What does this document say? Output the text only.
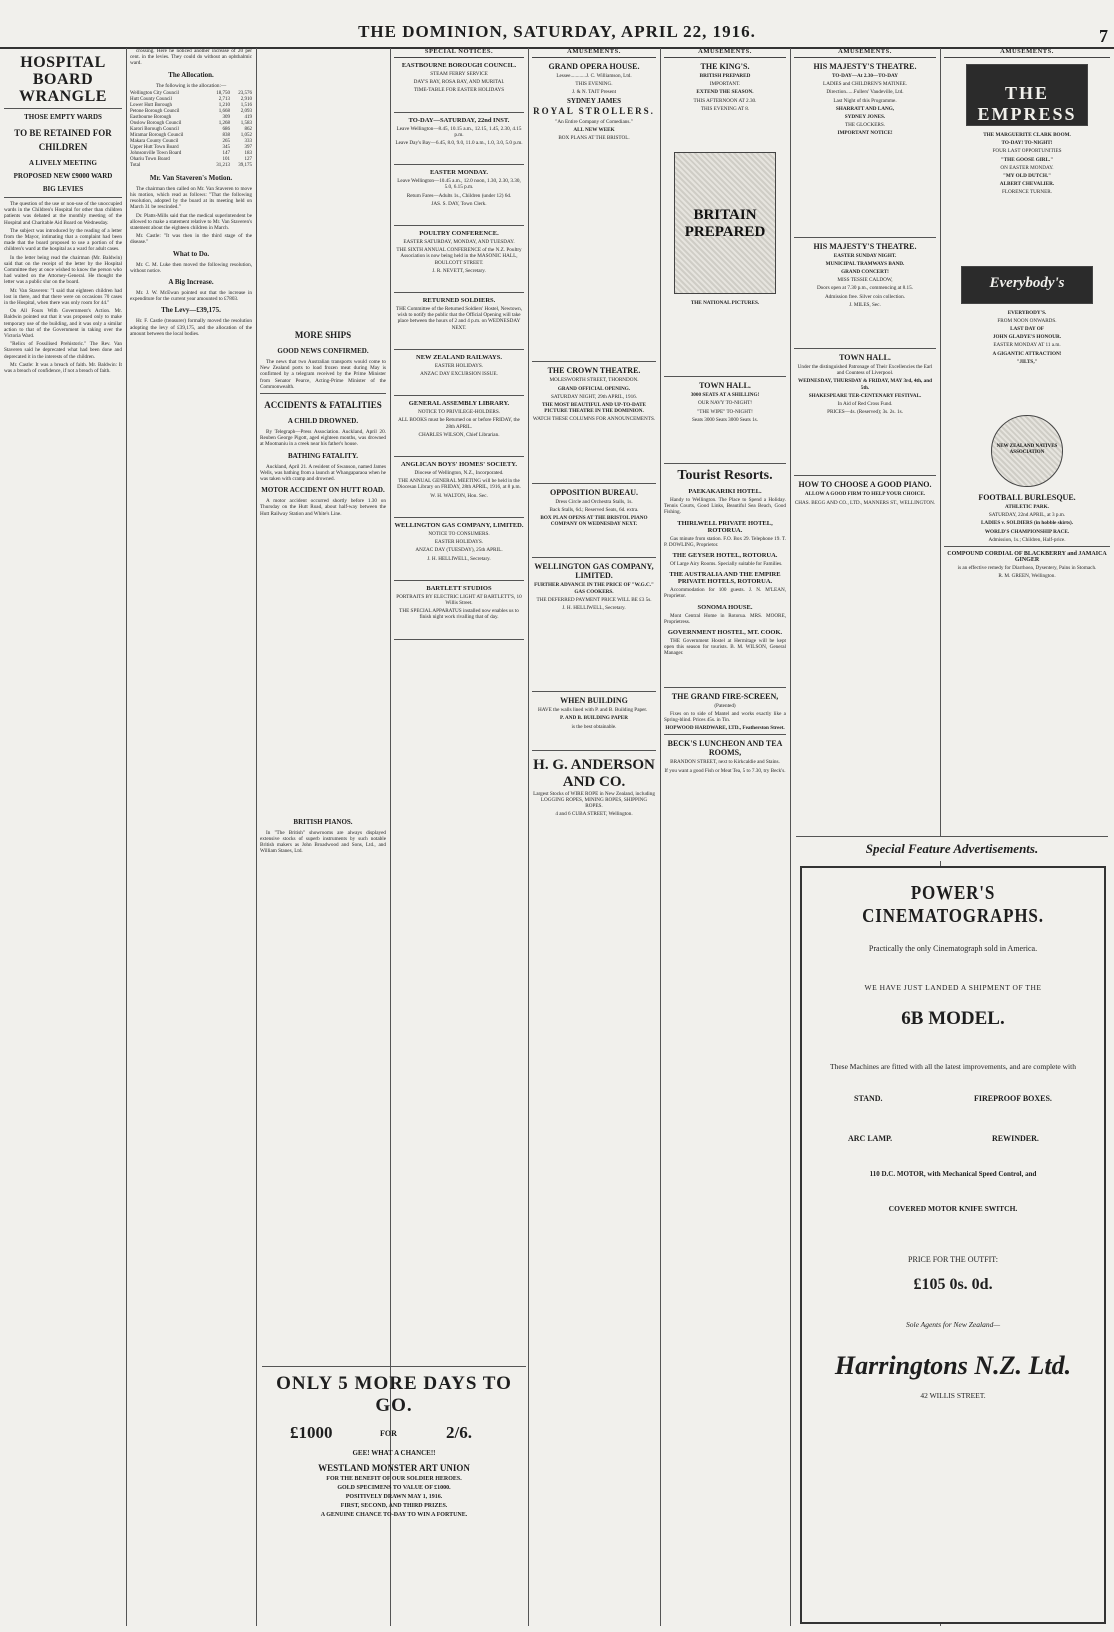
THE DOMINION, SATURDAY, APRIL 22, 1916.	7
HOSPITAL BOARD WRANGLE
THOSE EMPTY WARDS
TO BE RETAINED FOR CHILDREN
A LIVELY MEETING
PROPOSED NEW £9000 WARD
BIG LEVIES

The question of the use or non-use of the unoccupied wards in the Children's Hospital for other than children patients was debated at the monthly meeting of the Hospital and Charitable Aid Board on Wednesday.

The subject was introduced by the reading of a letter from the Mayor, intimating that a complaint had been made that the board proposed to use a portion of the children's ward at the hospital as a ward for adult cases.

In the letter being read the chairman (Mr. Baldwin) said that on the receipt of the letter by the Hospital Committee they at once wished to know the person who had waited on the Attorney-General. He thought the letter was a public slur on the board.

Mr. Van Staveren: "I said that eighteen children had lost in there, and that there were on occasions 70 cases in the Hospital, when there was only room for 44."

On All Fours With Government's Action. Mr. Baldwin pointed out that it was proposed only to make temporary use of the building, and it was only a similar action to that of the Government in taking over the Victoria Ward.

"Relics of Fossilised Prehistoric." The Rev. Van Staveren said he deprecated what had been done and deprecated it in the interests of the children.

Mr. Castle: It was a breach of faith. Mr. Baldwin: It was a breach of confidence, if not a breach of faith.

crossing. Here he noticed another increase of 20 per cent. in the levies. They could do without an ophthalmic ward.

The Allocation.

The following is the allocation:—

Wellington City Council	18,750	23,576
Hutt County Council	2,713	2,910
Lower Hutt Borough	1,210	1,516
Petone Borough Council	1,668	2,093
Eastbourne Borough	309	419
Onslow Borough Council	1,268	1,583
Karori Borough Council	686	862
Miramar Borough Council	838	1,052
Makara County Council	265	333
Upper Hutt Town Board	345	397
Johnsonville Town Board	147	183
Ohariu Town Board	101	127
Total	31,213	39,175
Mr. Van Staveren's Motion.

The chairman then called on Mr. Van Staveren to move his motion, which read as follows: "That the following resolution, adopted by the board at its meeting held on March 31 be rescinded."

Dr. Platts-Mills said that the medical superintendent be allowed to make a statement relative to Mr. Van Staveren's statement about the eighteen children in March.

Mr. Castle: "It was then in the third stage of the disease."

What to Do.

Mr. C. M. Luke then moved the following resolution, without notice.

A Big Increase.

Mr. J. W. McEwan pointed out that the increase in expenditure for the current year amounted to £7803.

The Levy—£39,175.

Hr. F. Castle (treasurer) formally moved the resolution adopting the levy of £39,175, and the allocation of the amount between the local bodies.	MORE SHIPS
GOOD NEWS CONFIRMED.

The news that two Australian transports would come to New Zealand ports to load frozen meat during May is confirmed by a telegram received by the Prime Minister from Senator Pearce, Acting-Prime Minister of the Commonwealth.

ACCIDENTS & FATALITIES
A CHILD DROWNED.

By Telegraph—Press Association. Auckland, April 20. Reuben George Pigott, aged eighteen months, was drowned at Mootnaniu in a creek near his father's house.

BATHING FATALITY.

Auckland, April 21. A resident of Swanson, named James Wells, was bathing from a launch at Whangaparaoa when he was taken with cramp and drowned.

MOTOR ACCIDENT ON HUTT ROAD.

A motor accident occurred shortly before 1.30 on Thursday on the Hutt Road, about half-way between the Hutt Railway Station and White's Line.

BRITISH PIANOS.

In "The British" showrooms are always displayed extensive stocks of superb instruments by such notable British makers as John Broadwood and Sons, Ltd., and William Stanes, Ltd.

SPECIAL NOTICES.
EASTBOURNE BOROUGH COUNCIL.

STEAM FERRY SERVICE

DAY'S BAY, ROSA BAY, AND MURITAI.

TIME-TABLE FOR EASTER HOLIDAYS

TO-DAY—SATURDAY, 22nd INST.

Leave Wellington—8.45, 10.15 a.m., 12.15, 1.45, 2.30, 4.15 p.m.

Leave Day's Bay—6.45, 8.0, 9.0, 11.0 a.m., 1.0, 3.0, 5.0 p.m.

EASTER MONDAY.

Leave Wellington—10.45 a.m., 12.0 noon, 1.30, 2.30, 3.30, 5.0, 6.15 p.m.

Return Fares—Adults 1s., Children (under 12) 6d.

JAS. S. DAY, Town Clerk.

POULTRY CONFERENCE.

EASTER SATURDAY, MONDAY, AND TUESDAY.

THE SIXTH ANNUAL CONFERENCE of the N.Z. Poultry Association is now being held in the MASONIC HALL, BOULCOTT STREET.

J. R. NEVETT, Secretary.

RETURNED SOLDIERS.

THE Committee of the Returned Soldiers' Hostel, Newtown, wish to notify the public that the Official Opening will take place between the hours of 2 and 4 p.m. on WEDNESDAY NEXT.

NEW ZEALAND RAILWAYS.

EASTER HOLIDAYS.

ANZAC DAY EXCURSION ISSUE.

GENERAL ASSEMBLY LIBRARY.

NOTICE TO PRIVILEGE-HOLDERS.

ALL BOOKS must be Returned on or before FRIDAY, the 28th APRIL.

CHARLES WILSON, Chief Librarian.

ANGLICAN BOYS' HOMES' SOCIETY.

Diocese of Wellington, N.Z., Incorporated.

THE ANNUAL GENERAL MEETING will be held in the Diocesan Library on FRIDAY, 28th APRIL, 1916, at 8 p.m.

W. H. WALTON, Hon. Sec.

WELLINGTON GAS COMPANY, LIMITED.

NOTICE TO CONSUMERS.

EASTER HOLIDAYS.

ANZAC DAY (TUESDAY), 25th APRIL.

J. H. HELLIWELL, Secretary.

BARTLETT STUDIOS

PORTRAITS BY ELECTRIC LIGHT AT BARTLETT'S, 10 Willis Street.

THE SPECIAL APPARATUS installed now enables us to finish night work rivalling that of day.

ONLY 5 MORE DAYS TO GO.
£1000	FOR	2/6.
GEE! WHAT A CHANCE!!
WESTLAND MONSTER ART UNION
FOR THE BENEFIT OF OUR SOLDIER HEROES.
GOLD SPECIMENS TO VALUE OF £1000.
POSITIVELY DRAWN MAY 1, 1916.
FIRST, SECOND, AND THIRD PRIZES.
A GENUINE CHANCE TO-DAY TO WIN A FORTUNE.
AMUSEMENTS.
GRAND OPERA HOUSE.

Lessee............J. C. Williamson, Ltd.

THIS EVENING.

J. & N. TAIT Present

SYDNEY JAMES

ROYAL STROLLERS.

"An Entire Company of Comedians."

ALL NEW WEEK

BOX PLANS AT THE BRISTOL.

THE CROWN THEATRE.

MOLESWORTH STREET, THORNDON.

GRAND OFFICIAL OPENING.

SATURDAY NIGHT, 29th APRIL, 1916.

THE MOST BEAUTIFUL AND UP-TO-DATE PICTURE THEATRE IN THE DOMINION.

WATCH THESE COLUMNS FOR ANNOUNCEMENTS.

OPPOSITION BUREAU.

Dress Circle and Orchestra Stalls, 1s.

Back Stalls, 6d.; Reserved Seats, 6d. extra.

BOX PLAN OPENS AT THE BRISTOL PIANO COMPANY ON WEDNESDAY NEXT.

WELLINGTON GAS COMPANY, LIMITED.

FURTHER ADVANCE IN THE PRICE OF "W.G.C." GAS COOKERS.

THE DEFERRED PAYMENT PRICE WILL BE £3 5s.

J. H. HELLIWELL, Secretary.

WHEN BUILDING

HAVE the walls lined with P. and B. Building Paper.

P. AND B. BUILDING PAPER

is the best obtainable.

H. G. ANDERSON AND CO.

Largest Stocks of WIRE ROPE in New Zealand, including LOGGING ROPES, MINING ROPES, SHIPPING ROPES.

4 and 6 CUBA STREET, Wellington.

AMUSEMENTS.
THE KING'S.

BRITISH PREPARED

IMPORTANT.

EXTEND THE SEASON.

THIS AFTERNOON AT 2.30.

THIS EVENING AT 8.

BRITAIN PREPARED

THE NATIONAL PICTURES.

TOWN HALL.

3000 SEATS AT A SHILLING!

OUR NAVY TO-NIGHT!

"THE WIPE" TO-NIGHT!

Seats 3000 Seats 3000 Seats 1s.

Tourist Resorts.
PAEKAKARIKI HOTEL.

Handy to Wellington. The Place to Spend a Holiday. Tennis Courts, Good Links, Beautiful Sea Beach, Good Fishing.

THIRLWELL PRIVATE HOTEL, ROTORUA.

Gas minute from station. F.O. Box 29. Telephone 19. T. P. DOWLING, Proprietor.

THE GEYSER HOTEL, ROTORUA.

Of Large Airy Rooms. Specially suitable for Families.

THE AUSTRALIA AND THE EMPIRE PRIVATE HOTELS, ROTORUA.

Accommodation for 100 guests. J. N. M'LEAN, Proprietor.

SONOMA HOUSE.

Mont Central Home in Rotorua. MRS. MOORE, Proprietress.

GOVERNMENT HOSTEL, MT. COOK.

THE Government Hostel at Hermitage will be kept open this season for tourists. B. M. WILSON, General Manager.

THE GRAND FIRE-SCREEN,

(Patented)

Fixes on to side of Mantel and works exactly like a Spring-blind. Prices 45s. in Tin.

HOPWOOD HARDWARE, LTD., Featherston Street.

BECK'S LUNCHEON AND TEA ROOMS,

BRANDON STREET, next to Kirkcaldie and Stains.

If you want a good Fish or Meat Tea, 5 to 7.30, try Beck's.

AMUSEMENTS.
HIS MAJESTY'S THEATRE.

TO-DAY—At 2.30—TO-DAY

LADIES and CHILDREN'S MATINEE.

Direction......Fullers' Vaudeville, Ltd.

Last Night of this Programme.

SHARRATT AND LANG,

SYDNEY JONES.

THE GLOCKERS.

IMPORTANT NOTICE!

HIS MAJESTY'S THEATRE.

EASTER SUNDAY NIGHT.

MUNICIPAL TRAMWAYS BAND.

GRAND CONCERT!

MISS TESSIE CALDOW,

Doors open at 7.30 p.m., commencing at 8.15.

Admission free. Silver coin collection.

J. MILES, Sec.

TOWN HALL.

Under the distinguished Patronage of Their Excellencies the Earl and Countess of Liverpool.

WEDNESDAY, THURSDAY & FRIDAY, MAY 3rd, 4th, and 5th.

SHAKESPEARE TER-CENTENARY FESTIVAL.

In Aid of Red Cross Fund.

PRICES—4s. (Reserved); 3s. 2s. 1s.

HOW TO CHOOSE A GOOD PIANO.

ALLOW A GOOD FIRM TO HELP YOUR CHOICE.

CHAS. BEGG AND CO., LTD., MANNERS ST., WELLINGTON.

AMUSEMENTS.
THE EMPRESS

THE MARGUERITE CLARK BOOM.

TO-DAY! TO-NIGHT!

FOUR LAST OPPORTUNITIES

"THE GOOSE GIRL."

ON EASTER MONDAY.

"MY OLD DUTCH."

ALBERT CHEVALIER.

FLORENCE TURNER.

Everybody's

EVERYBODY'S.

FROM NOON ONWARDS.

LAST DAY OF

JOHN GLADYE'S HONOUR.

EASTER MONDAY AT 11 a.m.

A GIGANTIC ATTRACTION!

"JILTS,"

NEW ZEALAND NATIVES ASSOCIATION
FOOTBALL BURLESQUE.

ATHLETIC PARK.

SATURDAY, 22nd APRIL, at 3 p.m.

LADIES v. SOLDIERS (in hobble skirts).

WORLD'S CHAMPIONSHIP RACE.

Admission, 1s.; Children, Half-price.

COMPOUND CORDIAL OF BLACKBERRY and JAMAICA GINGER

is an effective remedy for Diarrhoea, Dysentery, Pains in Stomach.

R. M. GREEN, Wellington.

Special Feature Advertisements.
POWER'S CINEMATOGRAPHS.
Practically the only Cinematograph sold in America.
WE HAVE JUST LANDED A SHIPMENT OF THE
6B MODEL.
These Machines are fitted with all the latest improvements, and are complete with
STAND.	FIREPROOF BOXES.
ARC LAMP.	REWINDER.
110 D.C. MOTOR, with Mechanical Speed Control, and
COVERED MOTOR KNIFE SWITCH.
PRICE FOR THE OUTFIT:
£105 0s. 0d.
Sole Agents for New Zealand—
Harringtons N.Z. Ltd.
42 WILLIS STREET.
